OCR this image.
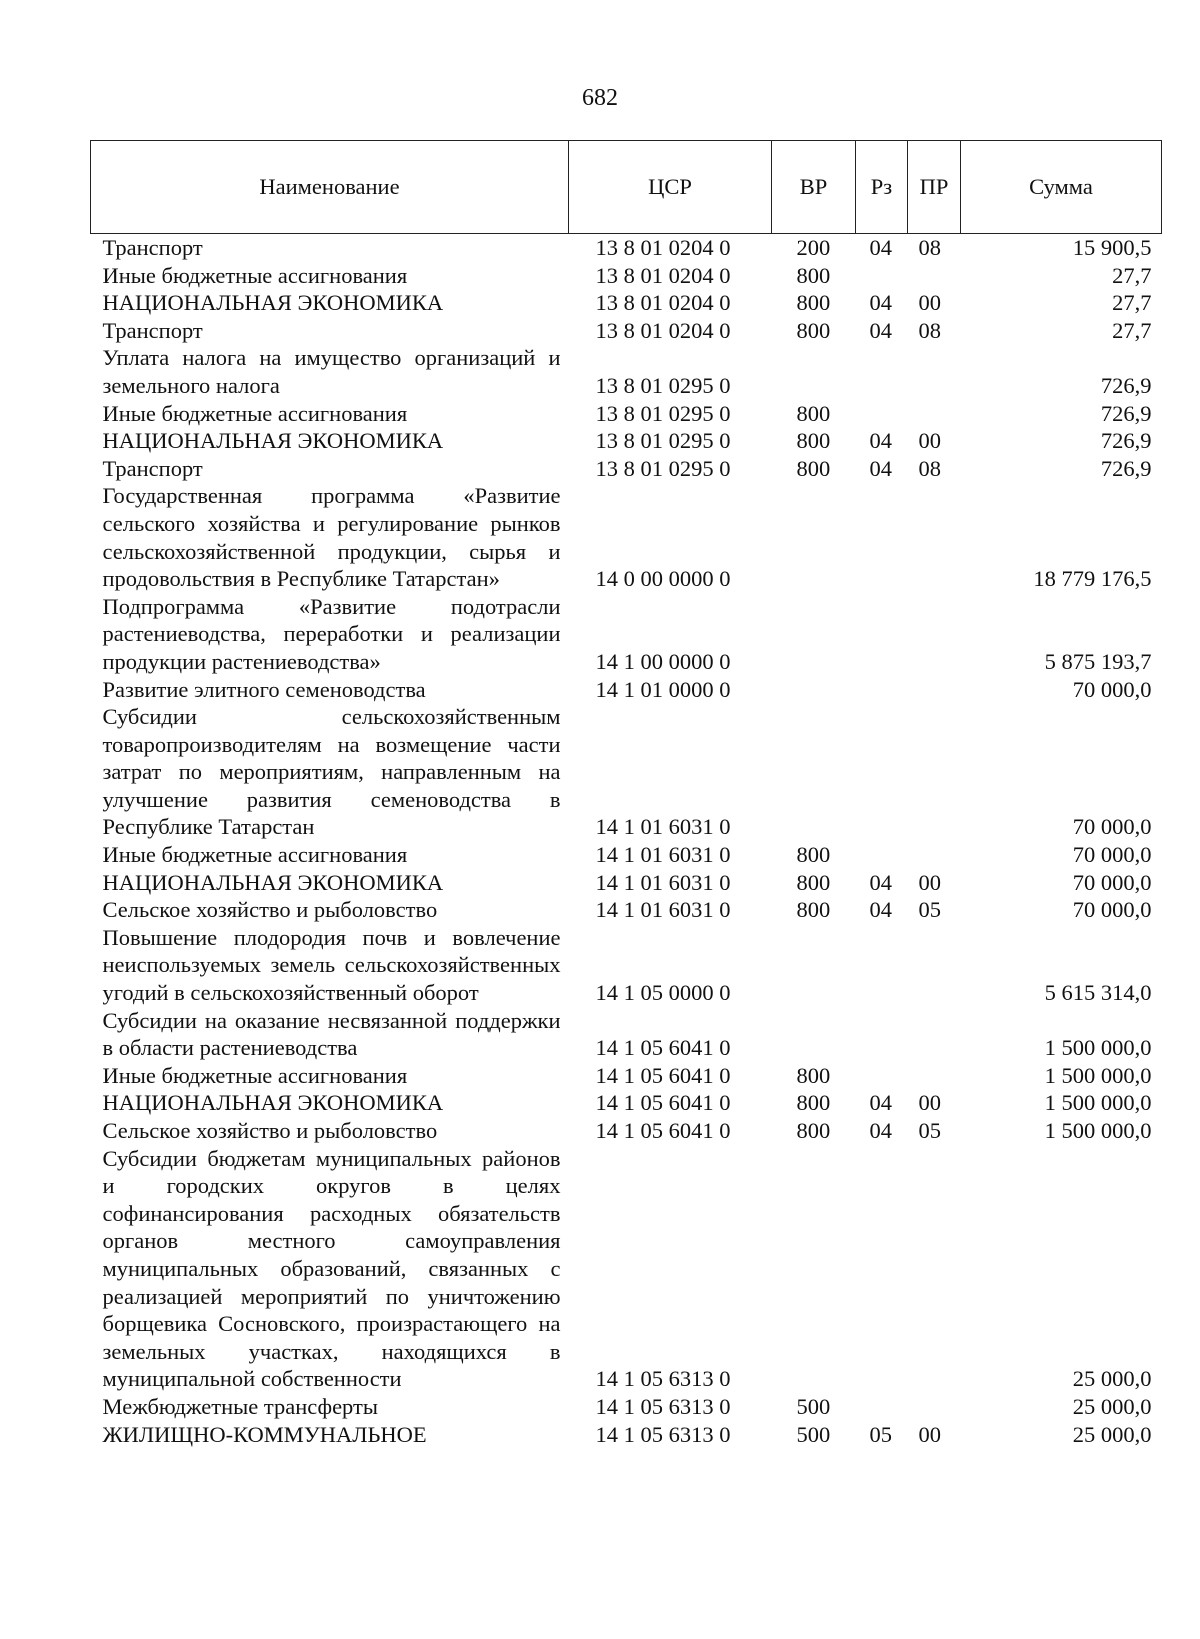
682
Наименование	ЦСР	ВР	Рз	ПР	Сумма
Транспорт	13 8 01 0204 0	200	04	08	15 900,5
Иные бюджетные ассигнования	13 8 01 0204 0	800			27,7
НАЦИОНАЛЬНАЯ ЭКОНОМИКА	13 8 01 0204 0	800	04	00	27,7
Транспорт	13 8 01 0204 0	800	04	08	27,7
Уплата налога на имущество организаций и земельного налога	13 8 01 0295 0				726,9
Иные бюджетные ассигнования	13 8 01 0295 0	800			726,9
НАЦИОНАЛЬНАЯ ЭКОНОМИКА	13 8 01 0295 0	800	04	00	726,9
Транспорт	13 8 01 0295 0	800	04	08	726,9
Государственная программа «Развитие сельского хозяйства и регулирование рынков сельскохозяйственной продукции, сырья и продовольствия в Республике Татарстан»	14 0 00 0000 0				18 779 176,5
Подпрограмма «Развитие подотрасли растениеводства, переработки и реализации продукции растениеводства»	14 1 00 0000 0				5 875 193,7
Развитие элитного семеноводства	14 1 01 0000 0				70 000,0
Субсидии сельскохозяйственным товаропроизводителям на возмещение части затрат по мероприятиям, направленным на улучшение развития семеноводства в Республике Татарстан	14 1 01 6031 0				70 000,0
Иные бюджетные ассигнования	14 1 01 6031 0	800			70 000,0
НАЦИОНАЛЬНАЯ ЭКОНОМИКА	14 1 01 6031 0	800	04	00	70 000,0
Сельское хозяйство и рыболовство	14 1 01 6031 0	800	04	05	70 000,0
Повышение плодородия почв и вовлечение неиспользуемых земель сельскохозяйственных угодий в сельскохозяйственный оборот	14 1 05 0000 0				5 615 314,0
Субсидии на оказание несвязанной поддержки в области растениеводства	14 1 05 6041 0				1 500 000,0
Иные бюджетные ассигнования	14 1 05 6041 0	800			1 500 000,0
НАЦИОНАЛЬНАЯ ЭКОНОМИКА	14 1 05 6041 0	800	04	00	1 500 000,0
Сельское хозяйство и рыболовство	14 1 05 6041 0	800	04	05	1 500 000,0
Субсидии бюджетам муниципальных районов и городских округов в целях софинансирования расходных обязательств органов местного самоуправления муниципальных образований, связанных с реализацией мероприятий по уничтожению борщевика Сосновского, произрастающего на земельных участках, находящихся в муниципальной собственности	14 1 05 6313 0				25 000,0
Межбюджетные трансферты	14 1 05 6313 0	500			25 000,0
ЖИЛИЩНО-КОММУНАЛЬНОЕ	14 1 05 6313 0	500	05	00	25 000,0
